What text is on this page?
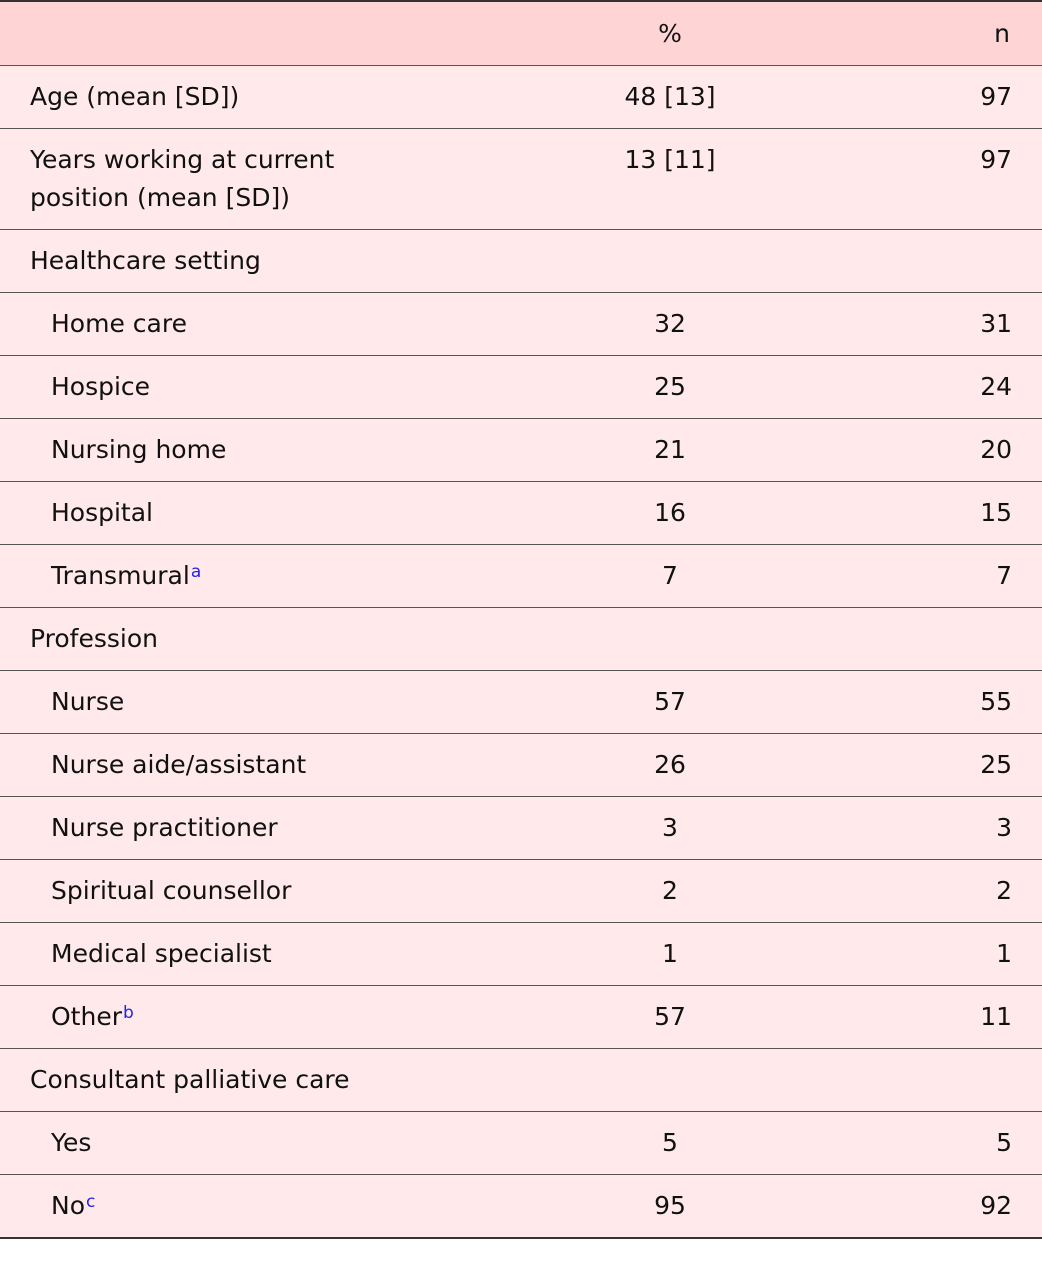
	%	n
Age (mean [SD])	48 [13]	97
Years working at current position (mean [SD])	13 [11]	97
Healthcare setting		
Home care	32	31
Hospice	25	24
Nursing home	21	20
Hospital	16	15
Transmural$^a$	7	7
Profession		
Nurse	57	55
Nurse aide/assistant	26	25
Nurse practitioner	3	3
Spiritual counsellor	2	2
Medical specialist	1	1
Other$^b$	57	11
Consultant palliative care		
Yes	5	5
No$^c$	95	92
